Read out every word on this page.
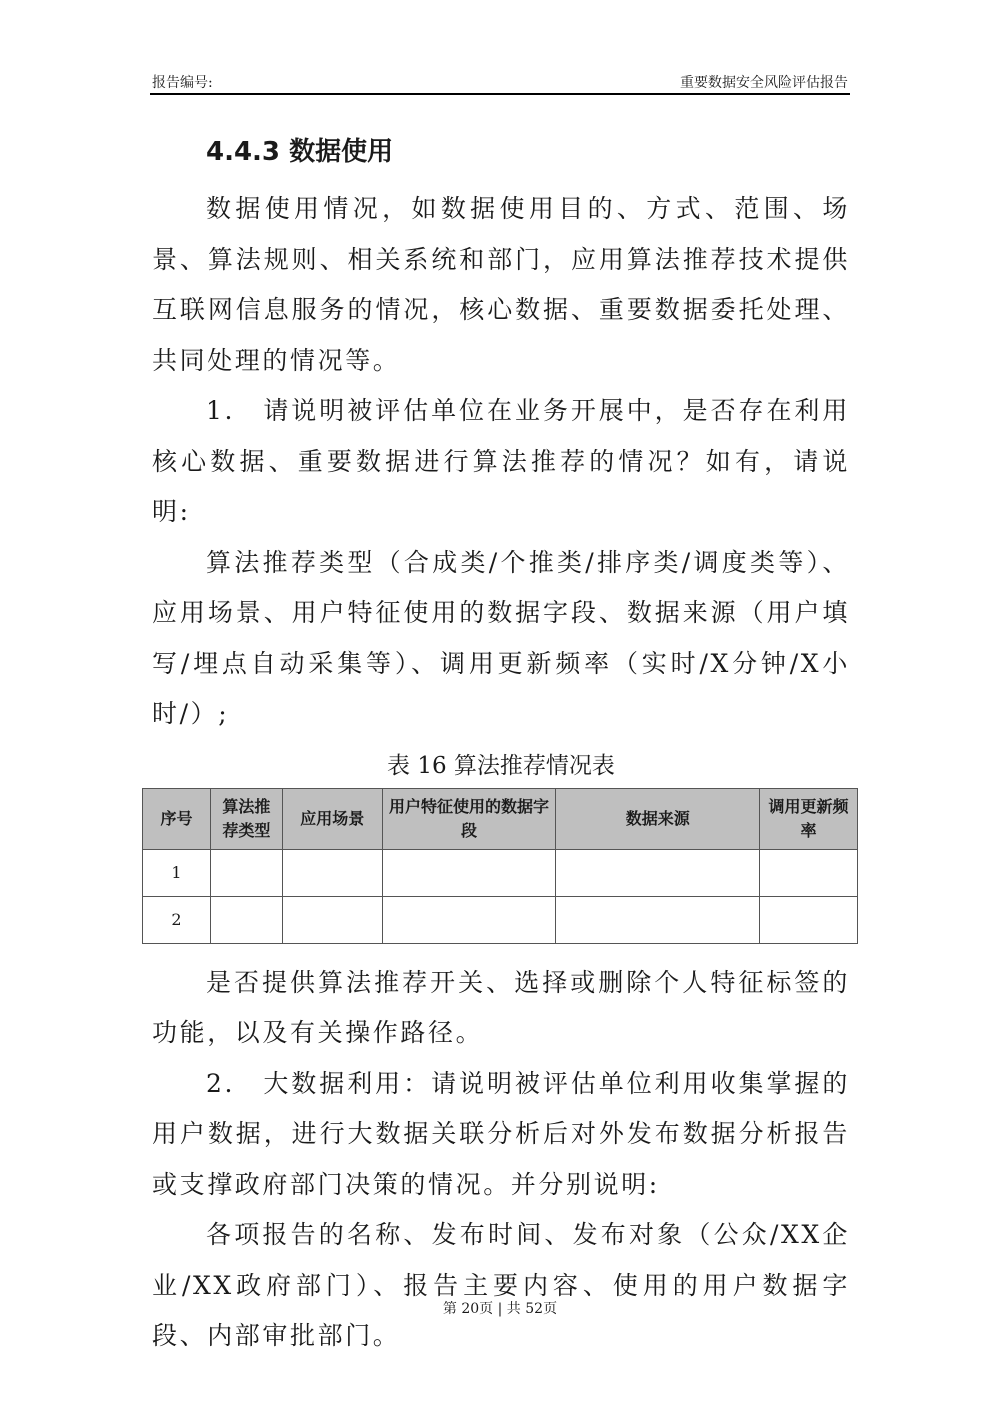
报告编号:	重要数据安全风险评估报告
4.4.3 数据使用

数据使用情况，如数据使用目的、方式、范围、场景、算法规则、相关系统和部门，应用算法推荐技术提供互联网信息服务的情况，核心数据、重要数据委托处理、共同处理的情况等。

1.　请说明被评估单位在业务开展中，是否存在利用核心数据、重要数据进行算法推荐的情况？如有，请说明:

算法推荐类型（合成类/个推类/排序类/调度类等）、应用场景、用户特征使用的数据字段、数据来源（用户填写/埋点自动采集等）、调用更新频率（实时/X分钟/X小时/）;

表 16 算法推荐情况表
序号	算法推荐类型	应用场景	用户特征使用的数据字段	数据来源	调用更新频率
1					
2					

是否提供算法推荐开关、选择或删除个人特征标签的功能，以及有关操作路径。

2.　大数据利用：请说明被评估单位利用收集掌握的用户数据，进行大数据关联分析后对外发布数据分析报告或支撑政府部门决策的情况。并分别说明:

各项报告的名称、发布时间、发布对象（公众/XX企业/XX政府部门）、报告主要内容、使用的用户数据字段、内部审批部门。

第 20页 | 共 52页
